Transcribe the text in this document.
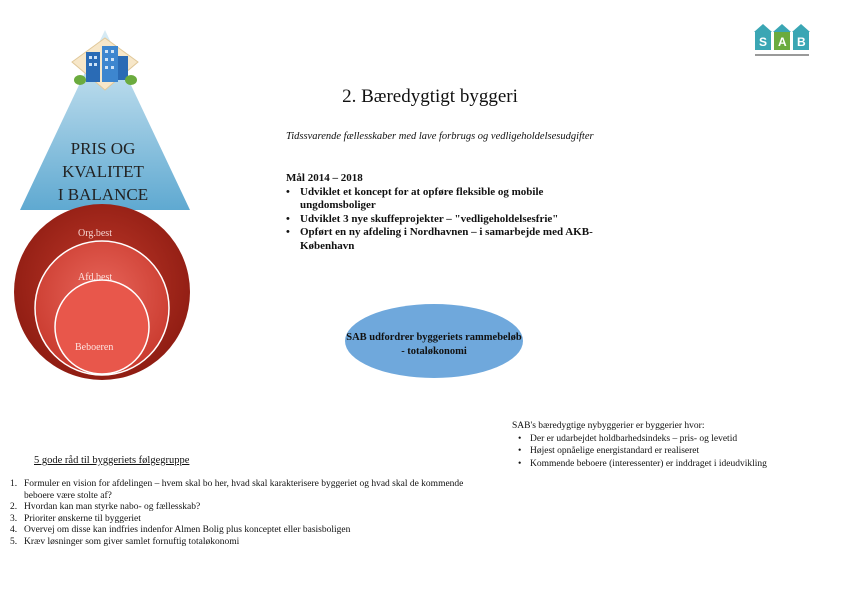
PRIS OG
KVALITET
I BALANCE
Org.best
Afd.best
Beboeren
2. Bæredygtigt byggeri
Tidssvarende fællesskaber med lave forbrugs og vedligeholdelsesudgifter
Mål 2014 – 2018
• Udviklet et koncept for at opføre fleksible og mobile ungdomsboliger
• Udviklet 3 nye skuffeprojekter – "vedligeholdelsesfrie"
• Opført en ny afdeling i Nordhavnen – i samarbejde med AKB-København
SAB udfordrer byggeriets rammebeløb - totaløkonomi
5 gode råd til byggeriets følgegruppe
1. Formuler en vision for afdelingen – hvem skal bo her, hvad skal karakterisere byggeriet og hvad skal de kommende beboere være stolte af?
2. Hvordan kan man styrke nabo- og fællesskab?
3. Prioriter ønskerne til byggeriet
4. Overvej om disse kan indfries indenfor Almen Bolig plus konceptet eller basisboligen
5. Kræv løsninger som giver samlet fornuftig totaløkonomi
SAB's bæredygtige nybyggerier er byggerier hvor:
• Der er udarbejdet holdbarhedsindeks – pris- og levetid
• Højest opnåelige energistandard er realiseret
• Kommende beboere (interessenter) er inddraget i ideudvikling
S A B
